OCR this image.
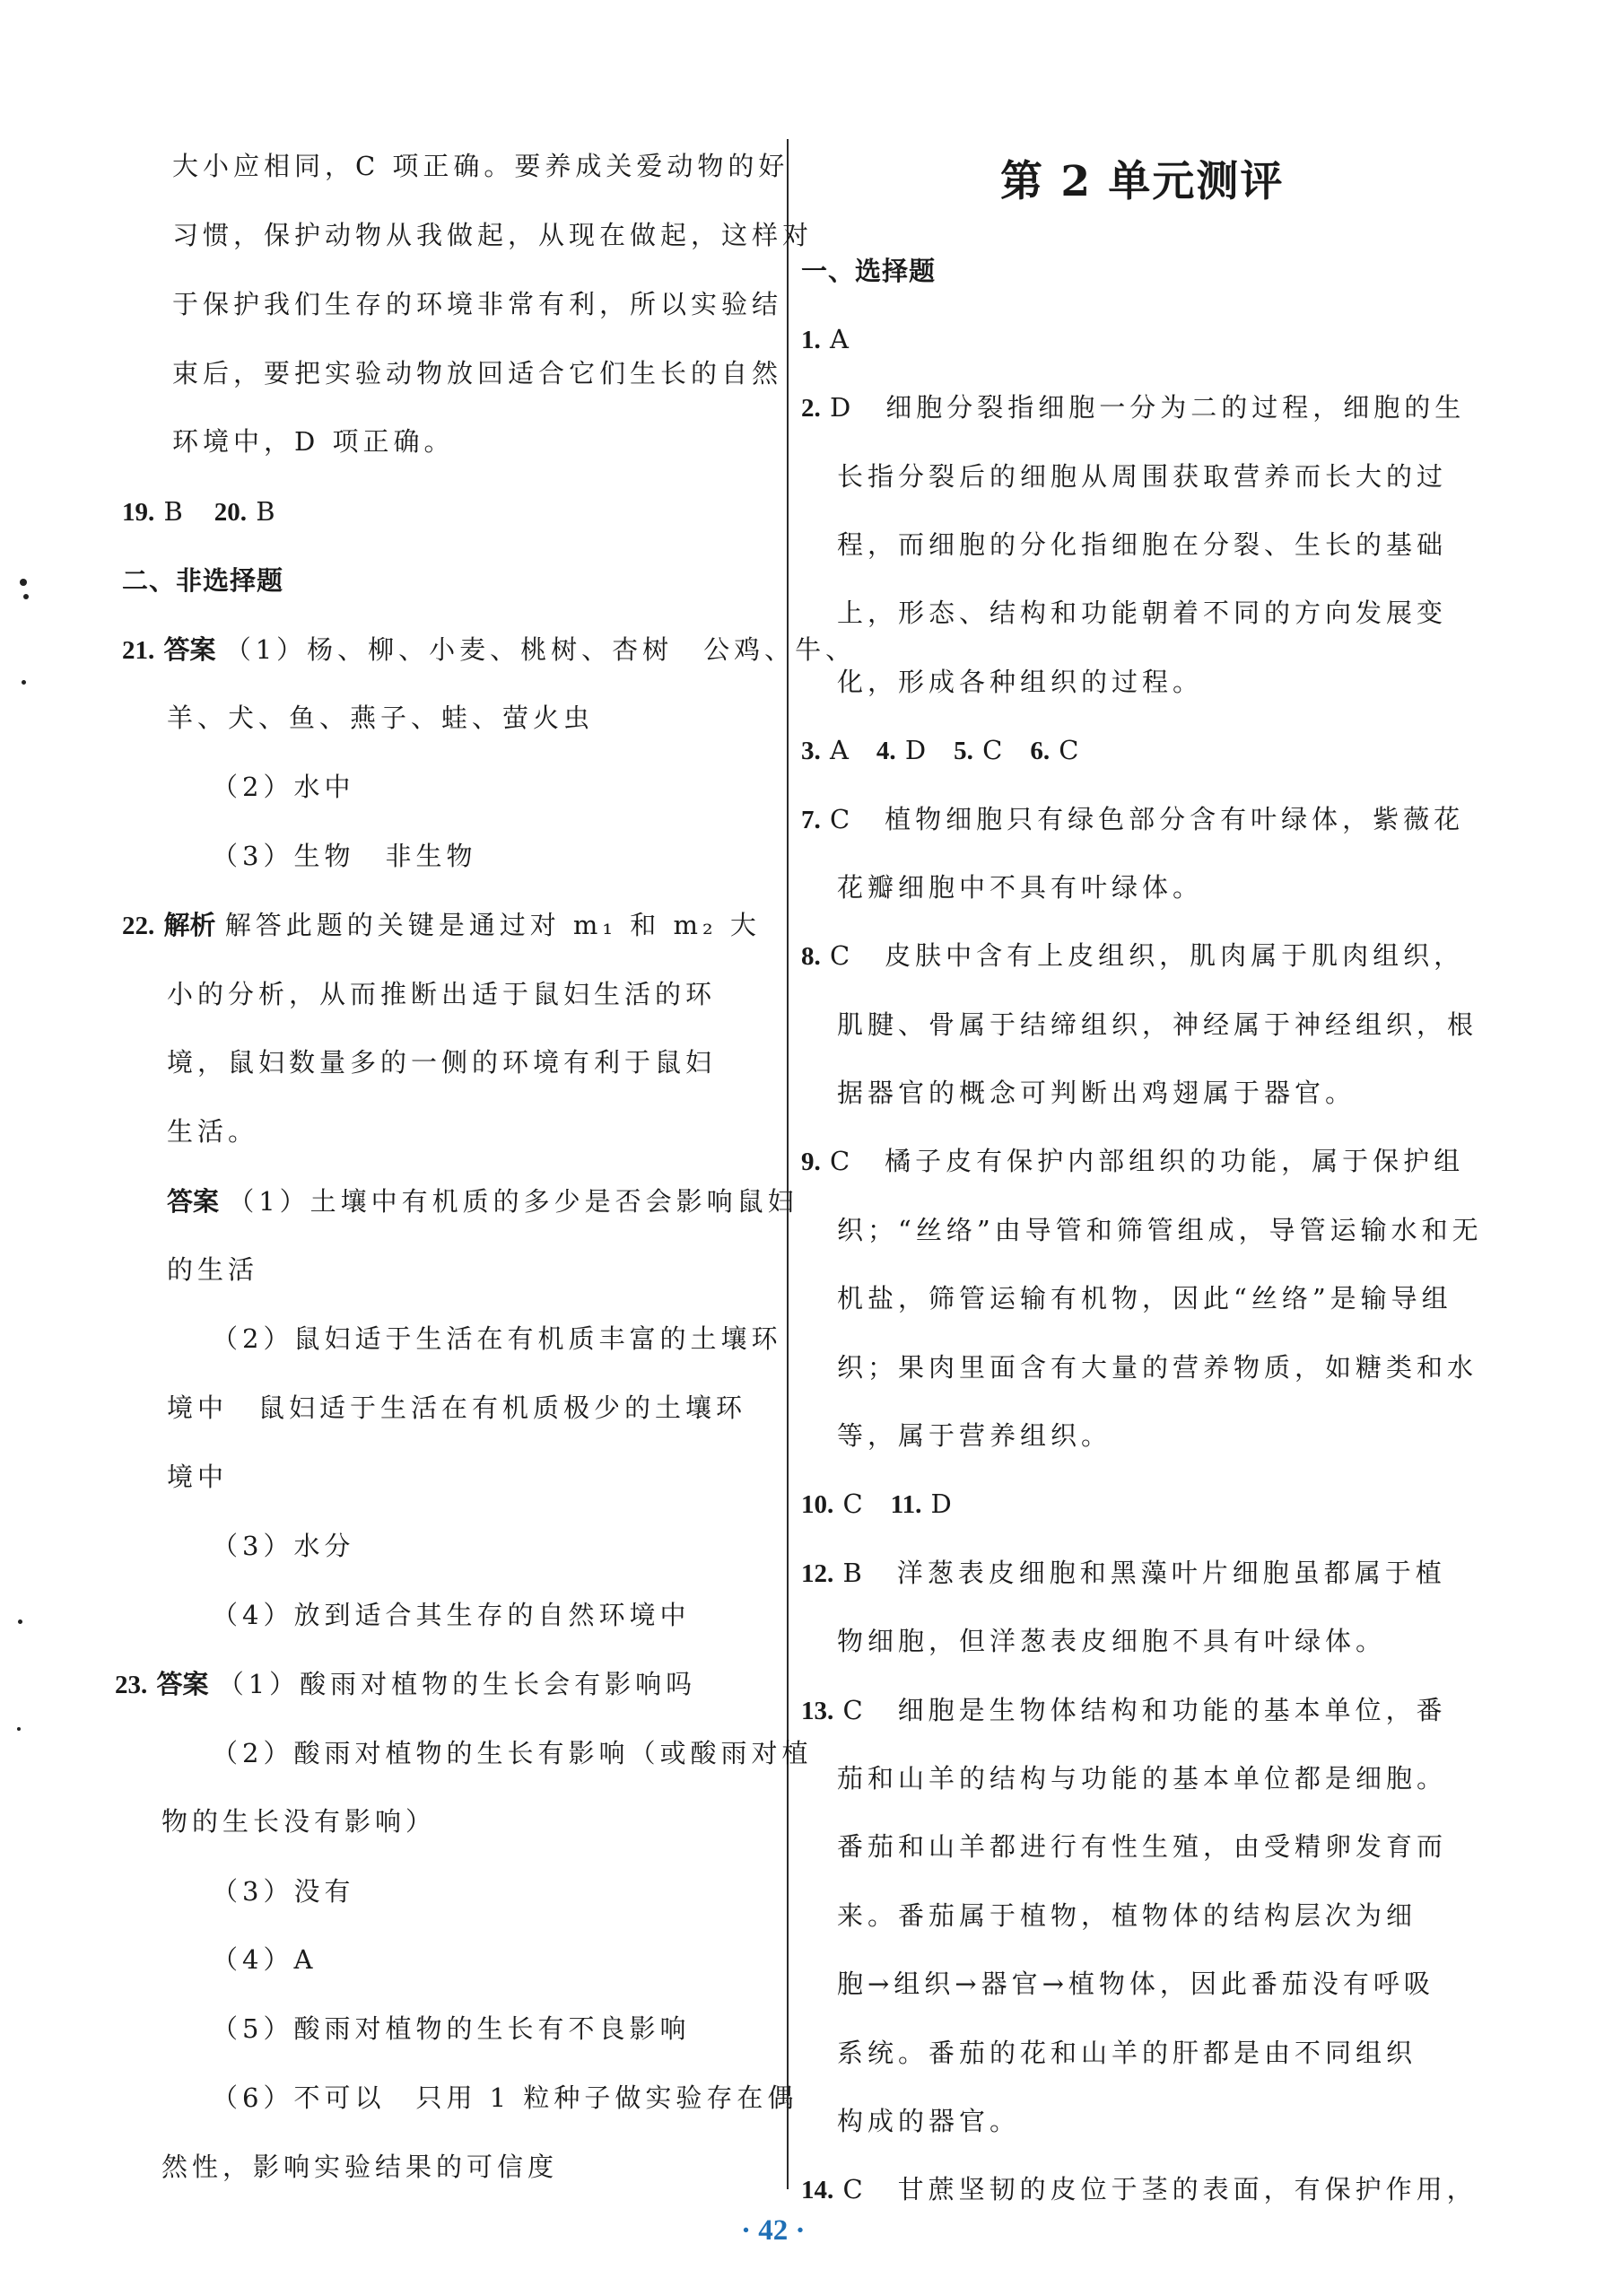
第 2 单元测评
大小应相同，C 项正确。要养成关爱动物的好
习惯，保护动物从我做起，从现在做起，这样对
于保护我们生存的环境非常有利，所以实验结
束后，要把实验动物放回适合它们生长的自然
环境中，D 项正确。
19. B  20. B
二、非选择题
21. 答案 （1）杨、柳、小麦、桃树、杏树　公鸡、牛、
羊、犬、鱼、燕子、蛙、萤火虫
（2）水中
（3）生物　非生物
22. 解析 解答此题的关键是通过对 m₁ 和 m₂ 大
小的分析，从而推断出适于鼠妇生活的环
境，鼠妇数量多的一侧的环境有利于鼠妇
生活。
答案 （1）土壤中有机质的多少是否会影响鼠妇
的生活
（2）鼠妇适于生活在有机质丰富的土壤环
境中　鼠妇适于生活在有机质极少的土壤环
境中
（3）水分
（4）放到适合其生存的自然环境中
23. 答案 （1）酸雨对植物的生长会有影响吗
（2）酸雨对植物的生长有影响（或酸雨对植
物的生长没有影响）
（3）没有
（4）A
（5）酸雨对植物的生长有不良影响
（6）不可以　只用 1 粒种子做实验存在偶
然性，影响实验结果的可信度
一、选择题
1. A
2. D　细胞分裂指细胞一分为二的过程，细胞的生
长指分裂后的细胞从周围获取营养而长大的过
程，而细胞的分化指细胞在分裂、生长的基础
上，形态、结构和功能朝着不同的方向发展变
化，形成各种组织的过程。
3. A  4. D  5. C  6. C
7. C　植物细胞只有绿色部分含有叶绿体，紫薇花
花瓣细胞中不具有叶绿体。
8. C　皮肤中含有上皮组织，肌肉属于肌肉组织，
肌腱、骨属于结缔组织，神经属于神经组织，根
据器官的概念可判断出鸡翅属于器官。
9. C　橘子皮有保护内部组织的功能，属于保护组
织；“丝络”由导管和筛管组成，导管运输水和无
机盐，筛管运输有机物，因此“丝络”是输导组
织；果肉里面含有大量的营养物质，如糖类和水
等，属于营养组织。
10. C  11. D
12. B　洋葱表皮细胞和黑藻叶片细胞虽都属于植
物细胞，但洋葱表皮细胞不具有叶绿体。
13. C　细胞是生物体结构和功能的基本单位，番
茄和山羊的结构与功能的基本单位都是细胞。
番茄和山羊都进行有性生殖，由受精卵发育而
来。番茄属于植物，植物体的结构层次为细
胞→组织→器官→植物体，因此番茄没有呼吸
系统。番茄的花和山羊的肝都是由不同组织
构成的器官。
14. C　甘蔗坚韧的皮位于茎的表面，有保护作用，
· 42 ·
